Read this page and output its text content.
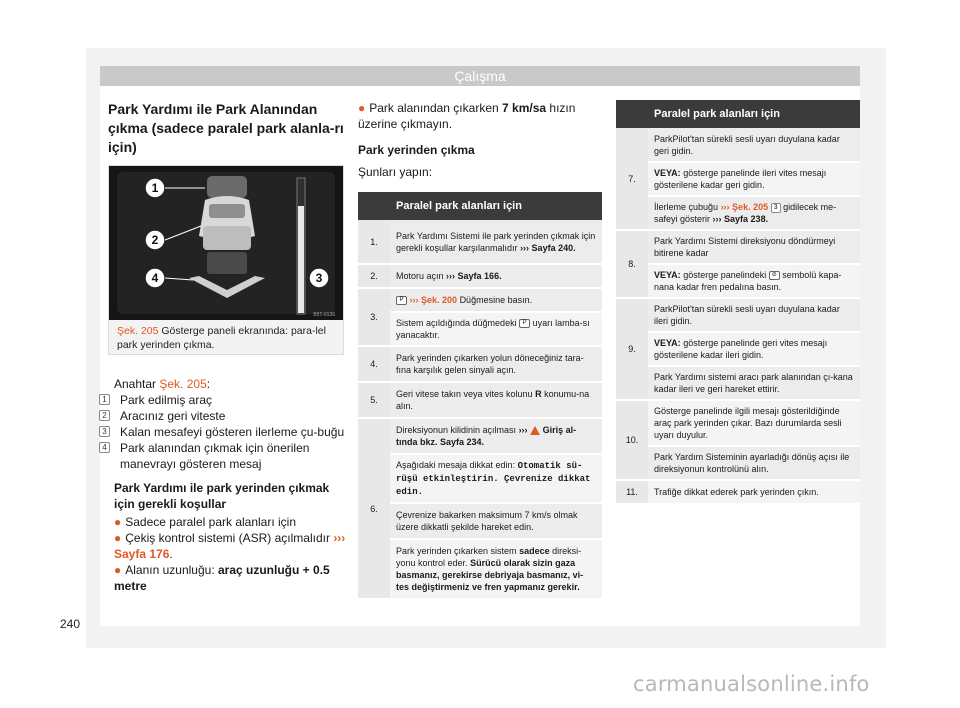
Çalışma
Park Yardımı ile Park Alanından çıkma (sadece paralel park alanla-rı için)
1
2
4	3
B5T-0136
Şek. 205 Gösterge paneli ekranında: para-lel park yerinden çıkma.
Anahtar Şek. 205:
1 Park edilmiş araç
2 Aracınız geri viteste
3 Kalan mesafeyi gösteren ilerleme çu-buğu
4 Park alanından çıkmak için önerilen manevrayı gösteren mesaj
Park Yardımı ile park yerinden çıkmak için gerekli koşullar
● Sadece paralel park alanları için
● Çekiş kontrol sistemi (ASR) açılmalıdır ››› Sayfa 176.
● Alanın uzunluğu: araç uzunluğu + 0.5 metre
● Park alanından çıkarken 7 km/sa hızın üzerine çıkmayın.
Park yerinden çıkma
Şunları yapın:
	Paralel park alanları için
1.	Park Yardımı Sistemi ile park yerinden çıkmak için gerekli koşullar karşılanmalıdır ››› Sayfa 240.
2.	Motoru açın ››› Sayfa 166.
3.	P ››› Şek. 200 Düğmesine basın.
	Sistem açıldığında düğmedeki P uyarı lamba-sı yanacaktır.
4.	Park yerinden çıkarken yolun döneceğiniz tara-fına karşılık gelen sinyali açın.
5.	Geri vitese takın veya vites kolunu R konumu-na alın.
6.	Direksiyonun kilidinin açılması ››› Giriş al-tında bkz. Sayfa 234.
	Aşağıdaki mesaja dikkat edin: Otomatik sü-rüşü etkinleştirin. Çevrenize dikkat edin.
	Çevrenize bakarken maksimum 7 km/s olmak üzere dikkatli şekilde hareket edin.
	Park yerinden çıkarken sistem sadece direksi-yonu kontrol eder. Sürücü olarak sizin gaza basmanız, gerekirse debriyaja basmanız, vi-tes değiştirmeniz ve fren yapmanız gerekir.
	Paralel park alanları için
7.	ParkPilot'tan sürekli sesli uyarı duyulana kadar geri gidin.
	VEYA: gösterge panelinde ileri vites mesajı gösterilene kadar geri gidin.
	İlerleme çubuğu ››› Şek. 205 3 gidilecek me-safeyi gösterir ››› Sayfa 238.
8.	Park Yardımı Sistemi direksiyonu döndürmeyi bitirene kadar
	VEYA: gösterge panelindeki ⊘ sembolü kapa-nana kadar fren pedalına basın.
9.	ParkPilot'tan sürekli sesli uyarı duyulana kadar ileri gidin.
	VEYA: gösterge panelinde geri vites mesajı gösterilene kadar ileri gidin.
	Park Yardımı sistemi aracı park alanından çı-kana kadar ileri ve geri hareket ettirir.
10.	Gösterge panelinde ilgili mesajı gösterildiğinde araç park yerinden çıkar. Bazı durumlarda sesli uyarı duyulur.
	Park Yardım Sisteminin ayarladığı dönüş açısı ile direksiyonun kontrolünü alın.
11.	Trafiğe dikkat ederek park yerinden çıkın.
240
carmanualsonline.info
